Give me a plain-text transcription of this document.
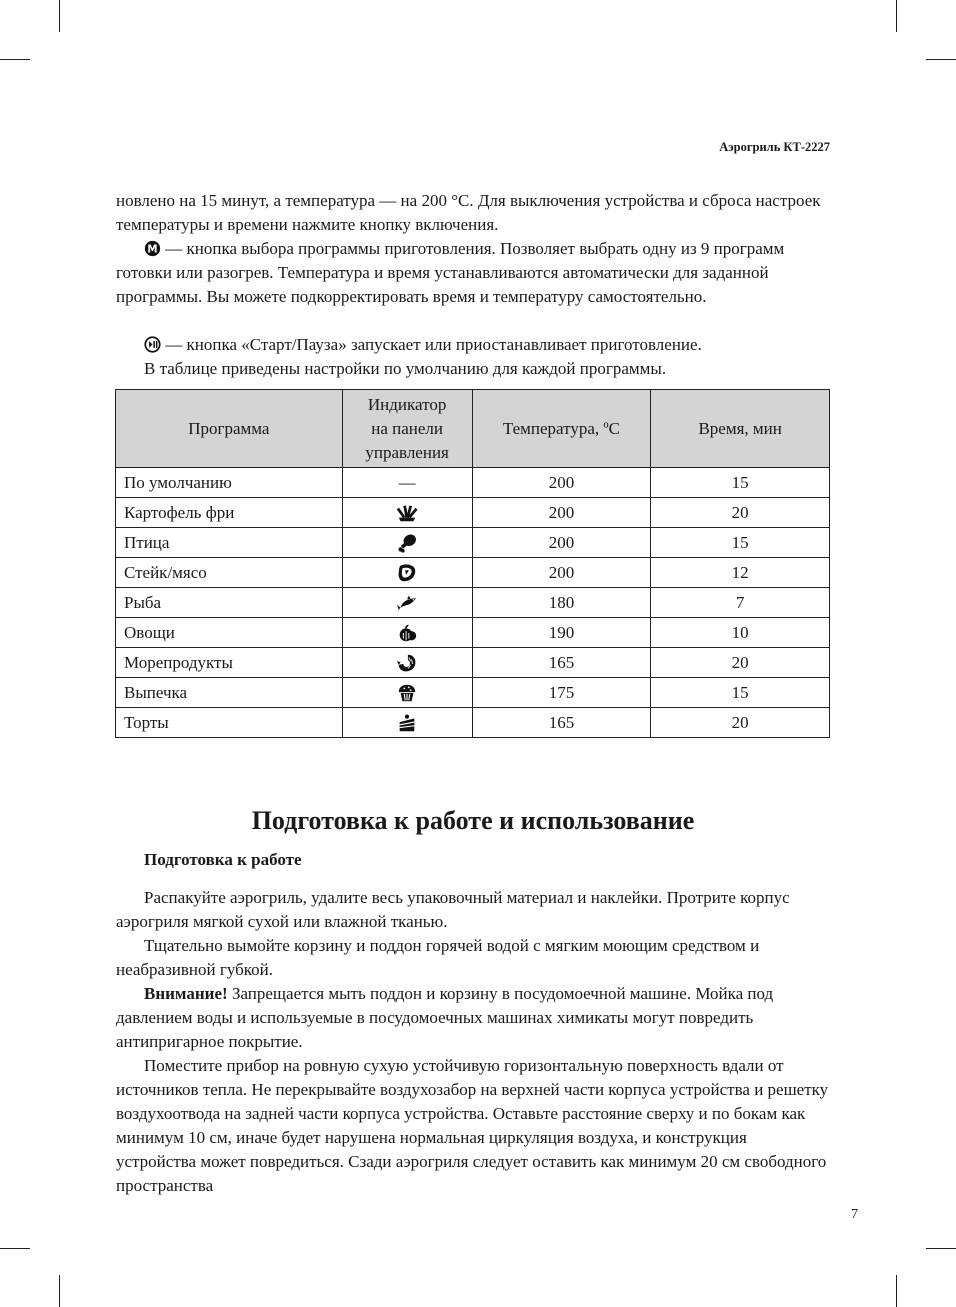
Аэрогриль КТ-2227

новлено на 15 минут, а температура — на 200 °С. Для выключения устройства и сброса настроек температуры и времени нажмите кнопку включения.

M — кнопка выбора программы приготовления. Позволяет выбрать одну из 9 программ готовки или разогрев. Температура и время устанавливаются автоматически для заданной программы. Вы можете подкорректировать время и температуру самостоятельно.

— кнопка «Старт/Пауза» запускает или приостанавливает приготовление.

В таблице приведены настройки по умолчанию для каждой программы.

Программа	Индикатор
на панели
управления	Температура, ºC	Время, мин
По умолчанию	—	200	15
Картофель фри		200	20
Птица		200	15
Стейк/мясо		200	12
Рыба		180	7
Овощи		190	10
Морепродукты		165	20
Выпечка		175	15
Торты		165	20
Подготовка к работе и использование
Подготовка к работе

Распакуйте аэрогриль, удалите весь упаковочный материал и наклейки. Протрите корпус аэрогриля мягкой сухой или влажной тканью.

Тщательно вымойте корзину и поддон горячей водой с мягким моющим средством и неабразивной губкой.

Внимание! Запрещается мыть поддон и корзину в посудомоечной машине. Мойка под давлением воды и используемые в посудомоечных машинах химикаты могут повредить антипригарное покрытие.

Поместите прибор на ровную сухую устойчивую горизонтальную поверхность вдали от источников тепла. Не перекрывайте воздухозабор на верхней части корпуса устройства и решетку воздухоотвода на задней части корпуса устройства. Оставьте расстояние сверху и по бокам как минимум 10 см, иначе будет нарушена нормальная циркуляция воздуха, и конструкция устройства может повредиться. Сзади аэрогриля следует оставить как минимум 20 см свободного пространства

7
